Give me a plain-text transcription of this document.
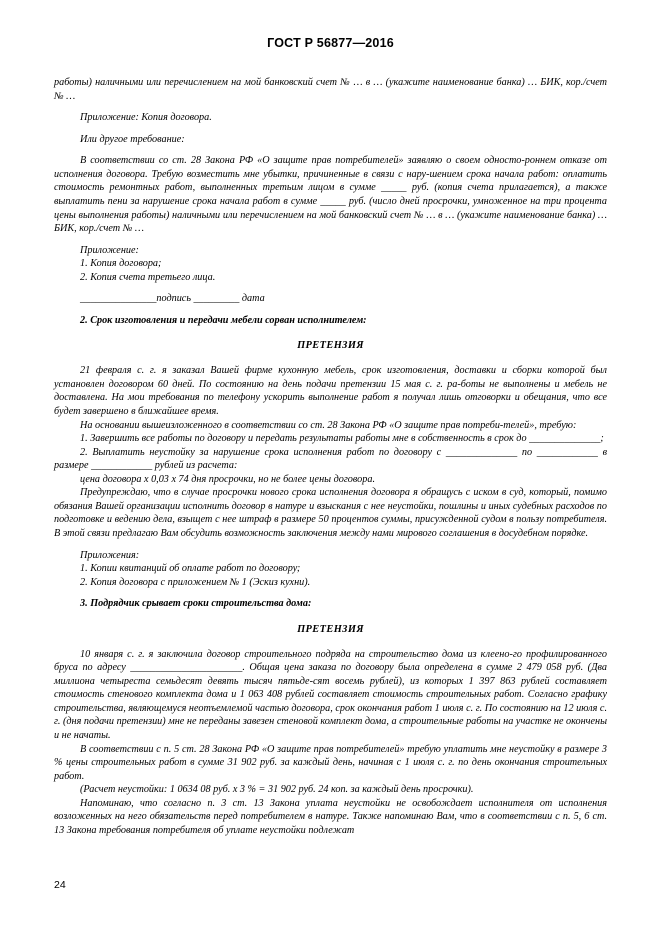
ГОСТ Р 56877—2016

работы) наличными или перечислением на мой банковский счет № … в … (укажите наименование банка) … БИК, кор./счет № …

Приложение: Копия договора.

Или другое требование:

В соответствии со ст. 28 Закона РФ «О защите прав потребителей» заявляю о своем односто-роннем отказе от исполнения договора. Требую возместить мне убытки, причиненные в связи с нару-шением срока начала работ: оплатить стоимость ремонтных работ, выполненных третьим лицом в сумме _____ руб. (копия счета прилагается), а также выплатить пени за нарушение срока начала работ в сумме _____ руб. (число дней просрочки, умноженное на три процента цены выполнения работы) наличными или перечислением на мой банковский счет № … в … (укажите наименование банка) … БИК, кор./счет № …

Приложение:

1. Копия договора;

2. Копия счета третьего лица.

_______________подпись _________ дата

2. Срок изготовления и передачи мебели сорван исполнителем:

ПРЕТЕНЗИЯ

21 февраля с. г. я заказал Вашей фирме кухонную мебель, срок изготовления, доставки и сборки которой был установлен договором 60 дней. По состоянию на день подачи претензии 15 мая с. г. ра-боты не выполнены и мебель не доставлена. На мои требования по телефону ускорить выполнение работ я получал лишь отговорки и обещания, что все будет завершено в ближайшее время.

На основании вышеизложенного в соответствии со ст. 28 Закона РФ «О защите прав потреби-телей», требую:

1. Завершить все работы по договору и передать результаты работы мне в собственность в срок до ______________;

2. Выплатить неустойку за нарушение срока исполнения работ по договору с ______________ по ____________ в размере ____________ рублей из расчета:

цена договора х 0,03 х 74 дня просрочки, но не более цены договора.

Предупреждаю, что в случае просрочки нового срока исполнения договора я обращусь с иском в суд, который, помимо обязания Вашей организации исполнить договор в натуре и взыскания с нее неустойки, пошлины и иных судебных расходов по подготовке и ведению дела, взыщет с нее штраф в размере 50 процентов суммы, присужденной судом в пользу потребителя. В этой связи предлагаю Вам обсудить возможность заключения между нами мирового соглашения в досудебном порядке.

Приложения:

1. Копии квитанций об оплате работ по договору;

2. Копия договора с приложением № 1 (Эскиз кухни).

3. Подрядчик срывает сроки строительства дома:

ПРЕТЕНЗИЯ

10 января с. г. я заключила договор строительного подряда на строительство дома из клеено-го профилированного бруса по адресу ______________________. Общая цена заказа по договору была определена в сумме 2 479 058 руб. (Два миллиона четыреста семьдесят девять тысяч пятьде-сят восемь рублей), из которых 1 397 863 рублей составляет стоимость стенового комплекта дома и 1 063 408 рублей составляет стоимость строительных работ. Согласно графику строительства, являющемуся неотъемлемой частью договора, срок окончания работ 1 июля с. г. По состоянию на 12 июля с. г. (дня подачи претензии) мне не переданы завезен стеновой комплект дома, а строительные работы на участке не окончены и не начаты.

В соответствии с п. 5 ст. 28 Закона РФ «О защите прав потребителей» требую уплатить мне неустойку в размере 3 % цены строительных работ в сумме 31 902 руб. за каждый день, начиная с 1 июля с. г. по день окончания строительных работ.

(Расчет неустойки: 1 0634 08 руб. х 3 % = 31 902 руб. 24 коп. за каждый день просрочки).

Напоминаю, что согласно п. 3 ст. 13 Закона уплата неустойки не освобождает исполнителя от исполнения возложенных на него обязательств перед потребителем в натуре. Также напоминаю Вам, что в соответствии с п. 5, 6 ст. 13 Закона требования потребителя об уплате неустойки подлежат

24
